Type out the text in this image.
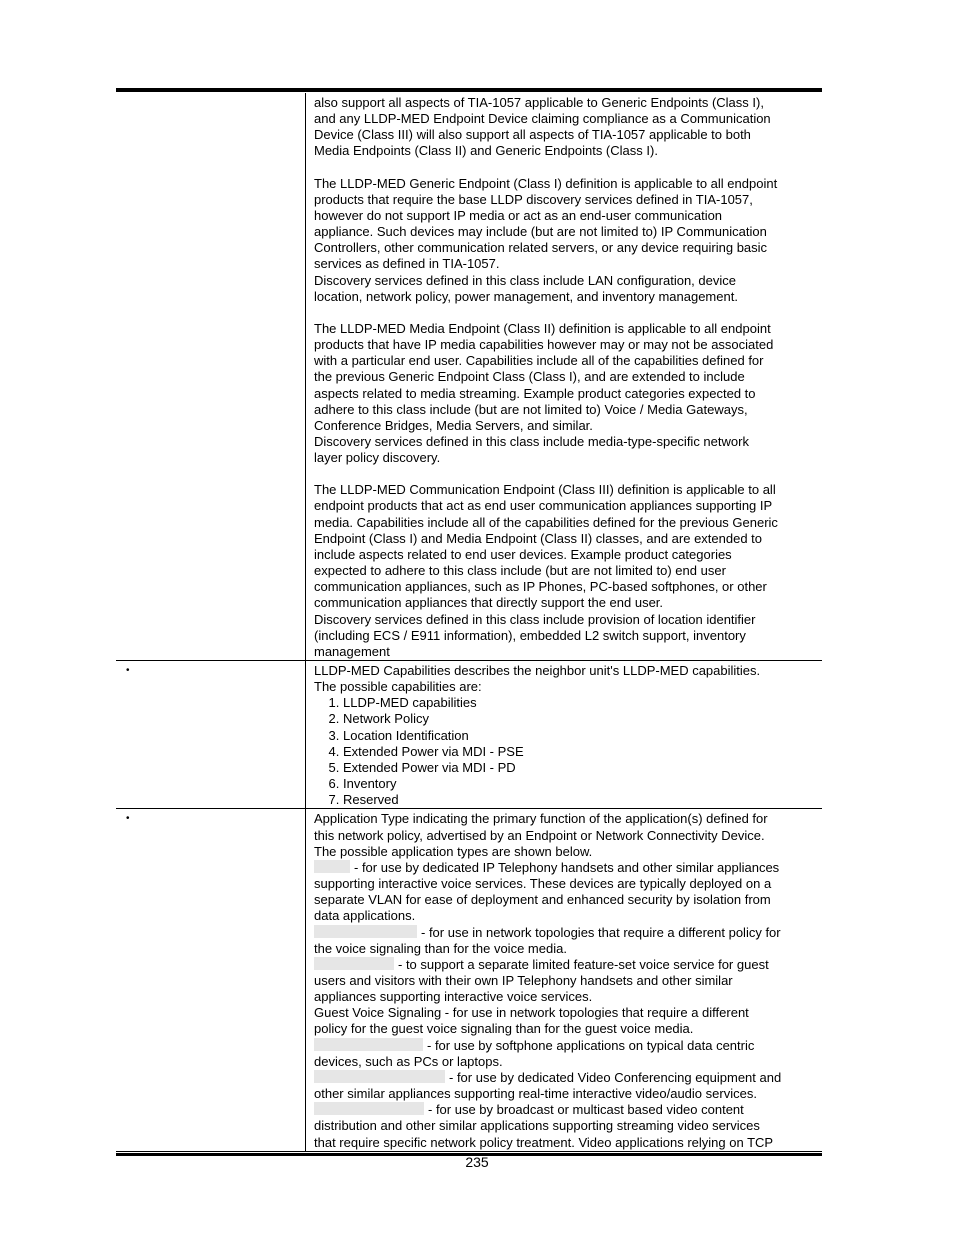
also support all aspects of TIA-1057 applicable to Generic Endpoints (Class I),
and any LLDP-MED Endpoint Device claiming compliance as a Communication
Device (Class III) will also support all aspects of TIA-1057 applicable to both
Media Endpoints (Class II) and Generic Endpoints (Class I).
The LLDP-MED Generic Endpoint (Class I) definition is applicable to all endpoint
products that require the base LLDP discovery services defined in TIA-1057,
however do not support IP media or act as an end-user communication
appliance. Such devices may include (but are not limited to) IP Communication
Controllers, other communication related servers, or any device requiring basic
services as defined in TIA-1057.
Discovery services defined in this class include LAN configuration, device
location, network policy, power management, and inventory management.
The LLDP-MED Media Endpoint (Class II) definition is applicable to all endpoint
products that have IP media capabilities however may or may not be associated
with a particular end user. Capabilities include all of the capabilities defined for
the previous Generic Endpoint Class (Class I), and are extended to include
aspects related to media streaming. Example product categories expected to
adhere to this class include (but are not limited to) Voice / Media Gateways,
Conference Bridges, Media Servers, and similar.
Discovery services defined in this class include media-type-specific network
layer policy discovery.
The LLDP-MED Communication Endpoint (Class III) definition is applicable to all
endpoint products that act as end user communication appliances supporting IP
media. Capabilities include all of the capabilities defined for the previous Generic
Endpoint (Class I) and Media Endpoint (Class II) classes, and are extended to
include aspects related to end user devices. Example product categories
expected to adhere to this class include (but are not limited to) end user
communication appliances, such as IP Phones, PC-based softphones, or other
communication appliances that directly support the end user.
Discovery services defined in this class include provision of location identifier
(including ECS / E911 information), embedded L2 switch support, inventory
management
•	LLDP-MED Capabilities describes the neighbor unit's LLDP-MED capabilities.
The possible capabilities are:
1. LLDP-MED capabilities
2. Network Policy
3. Location Identification
4. Extended Power via MDI - PSE
5. Extended Power via MDI - PD
6. Inventory
7. Reserved
•	Application Type indicating the primary function of the application(s) defined for
this network policy, advertised by an Endpoint or Network Connectivity Device.
The possible application types are shown below.
- for use by dedicated IP Telephony handsets and other similar appliances
supporting interactive voice services. These devices are typically deployed on a
separate VLAN for ease of deployment and enhanced security by isolation from
data applications.
- for use in network topologies that require a different policy for
the voice signaling than for the voice media.
- to support a separate limited feature-set voice service for guest
users and visitors with their own IP Telephony handsets and other similar
appliances supporting interactive voice services.
Guest Voice Signaling - for use in network topologies that require a different
policy for the guest voice signaling than for the guest voice media.
- for use by softphone applications on typical data centric
devices, such as PCs or laptops.
- for use by dedicated Video Conferencing equipment and
other similar appliances supporting real-time interactive video/audio services.
- for use by broadcast or multicast based video content
distribution and other similar applications supporting streaming video services
that require specific network policy treatment. Video applications relying on TCP
235
